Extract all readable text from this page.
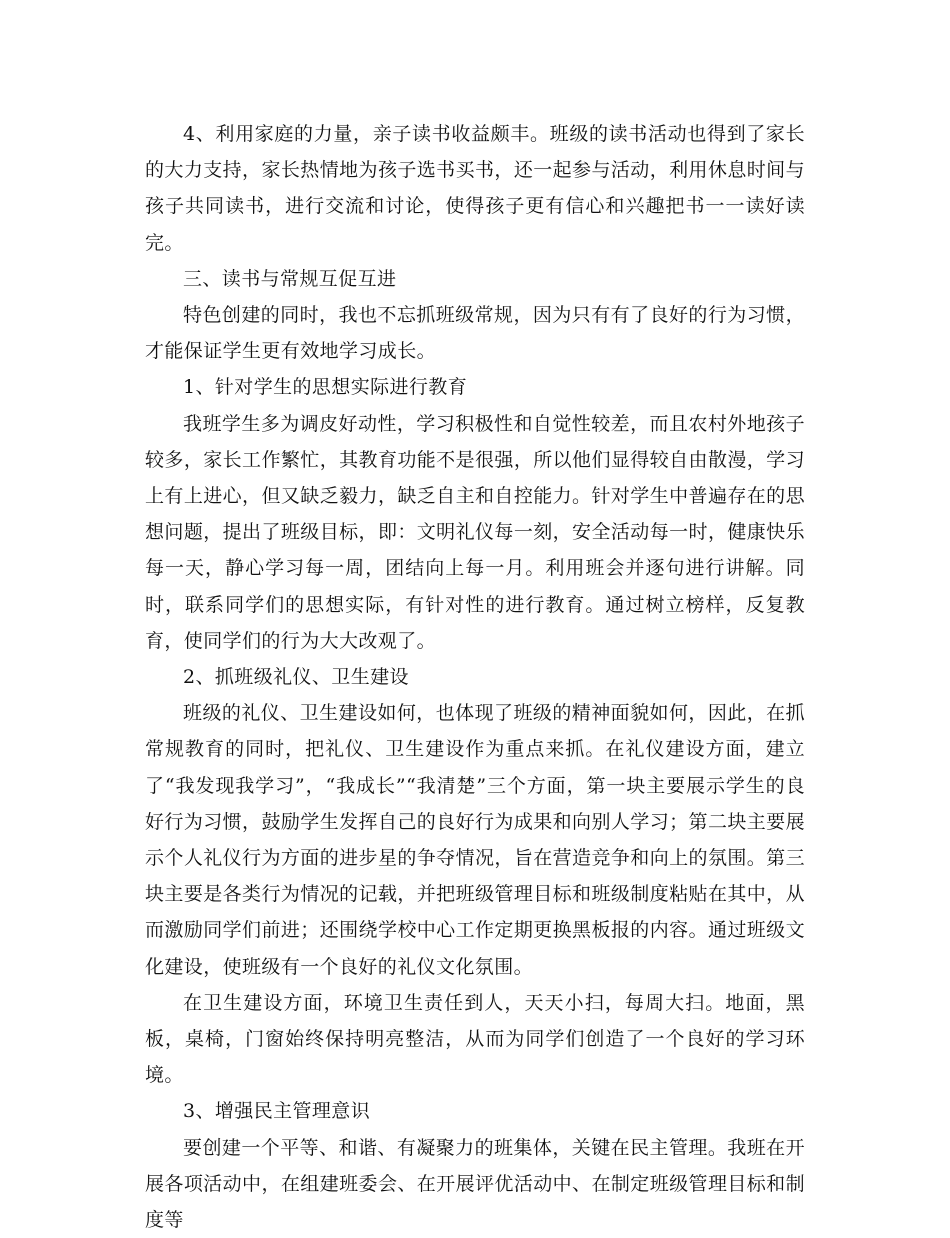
4、利用家庭的力量，亲子读书收益颇丰。班级的读书活动也得到了家长的大力支持，家长热情地为孩子选书买书，还一起参与活动，利用休息时间与孩子共同读书，进行交流和讨论，使得孩子更有信心和兴趣把书一一读好读完。

三、读书与常规互促互进

特色创建的同时，我也不忘抓班级常规，因为只有有了良好的行为习惯，才能保证学生更有效地学习成长。

1、针对学生的思想实际进行教育

我班学生多为调皮好动性，学习积极性和自觉性较差，而且农村外地孩子较多，家长工作繁忙，其教育功能不是很强，所以他们显得较自由散漫，学习上有上进心，但又缺乏毅力，缺乏自主和自控能力。针对学生中普遍存在的思想问题，提出了班级目标，即：文明礼仪每一刻，安全活动每一时，健康快乐每一天，静心学习每一周，团结向上每一月。利用班会并逐句进行讲解。同时，联系同学们的思想实际，有针对性的进行教育。通过树立榜样，反复教育，使同学们的行为大大改观了。

2、抓班级礼仪、卫生建设

班级的礼仪、卫生建设如何，也体现了班级的精神面貌如何，因此，在抓常规教育的同时，把礼仪、卫生建设作为重点来抓。在礼仪建设方面，建立了“我发现我学习”，“我成长”“我清楚”三个方面，第一块主要展示学生的良好行为习惯，鼓励学生发挥自己的良好行为成果和向别人学习；第二块主要展示个人礼仪行为方面的进步星的争夺情况，旨在营造竞争和向上的氛围。第三块主要是各类行为情况的记载，并把班级管理目标和班级制度粘贴在其中，从而激励同学们前进；还围绕学校中心工作定期更换黑板报的内容。通过班级文化建设，使班级有一个良好的礼仪文化氛围。

在卫生建设方面，环境卫生责任到人，天天小扫，每周大扫。地面，黑板，桌椅，门窗始终保持明亮整洁，从而为同学们创造了一个良好的学习环境。

3、增强民主管理意识

要创建一个平等、和谐、有凝聚力的班集体，关键在民主管理。我班在开展各项活动中，在组建班委会、在开展评优活动中、在制定班级管理目标和制度等
